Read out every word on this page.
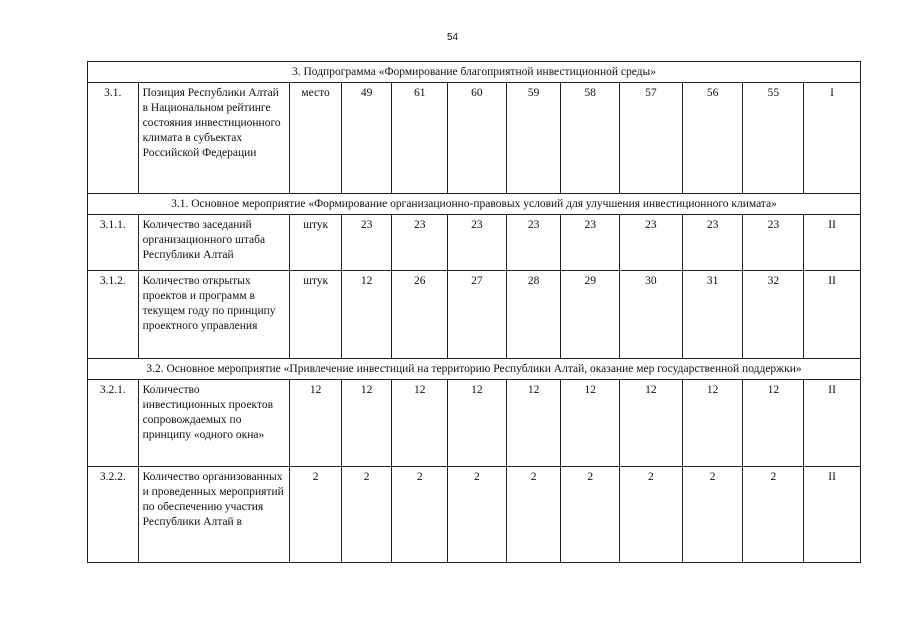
54
3. Подпрограмма «Формирование благоприятной инвестиционной среды»											
3.1.	Позиция Республики Алтай в Национальном рейтинге состояния инвестиционного климата в субъектах Российской Федерации	место	49	61	60	59	58	57	56	55	I
3.1. Основное мероприятие «Формирование организационно-правовых условий для улучшения инвестиционного климата»											
3.1.1.	Количество заседаний организационного штаба Республики Алтай	штук	23	23	23	23	23	23	23	23	II
3.1.2.	Количество открытых проектов и программ в текущем году по принципу проектного управления	штук	12	26	27	28	29	30	31	32	II
3.2. Основное мероприятие «Привлечение инвестиций на территорию Республики Алтай, оказание мер государственной поддержки»											
3.2.1.	Количество инвестиционных проектов сопровождаемых по принципу «одного окна»	12	12	12	12	12	12	12	12	12	II
3.2.2.	Количество организованных и проведенных мероприятий по обеспечению участия Республики Алтай в	2	2	2	2	2	2	2	2	2	II
